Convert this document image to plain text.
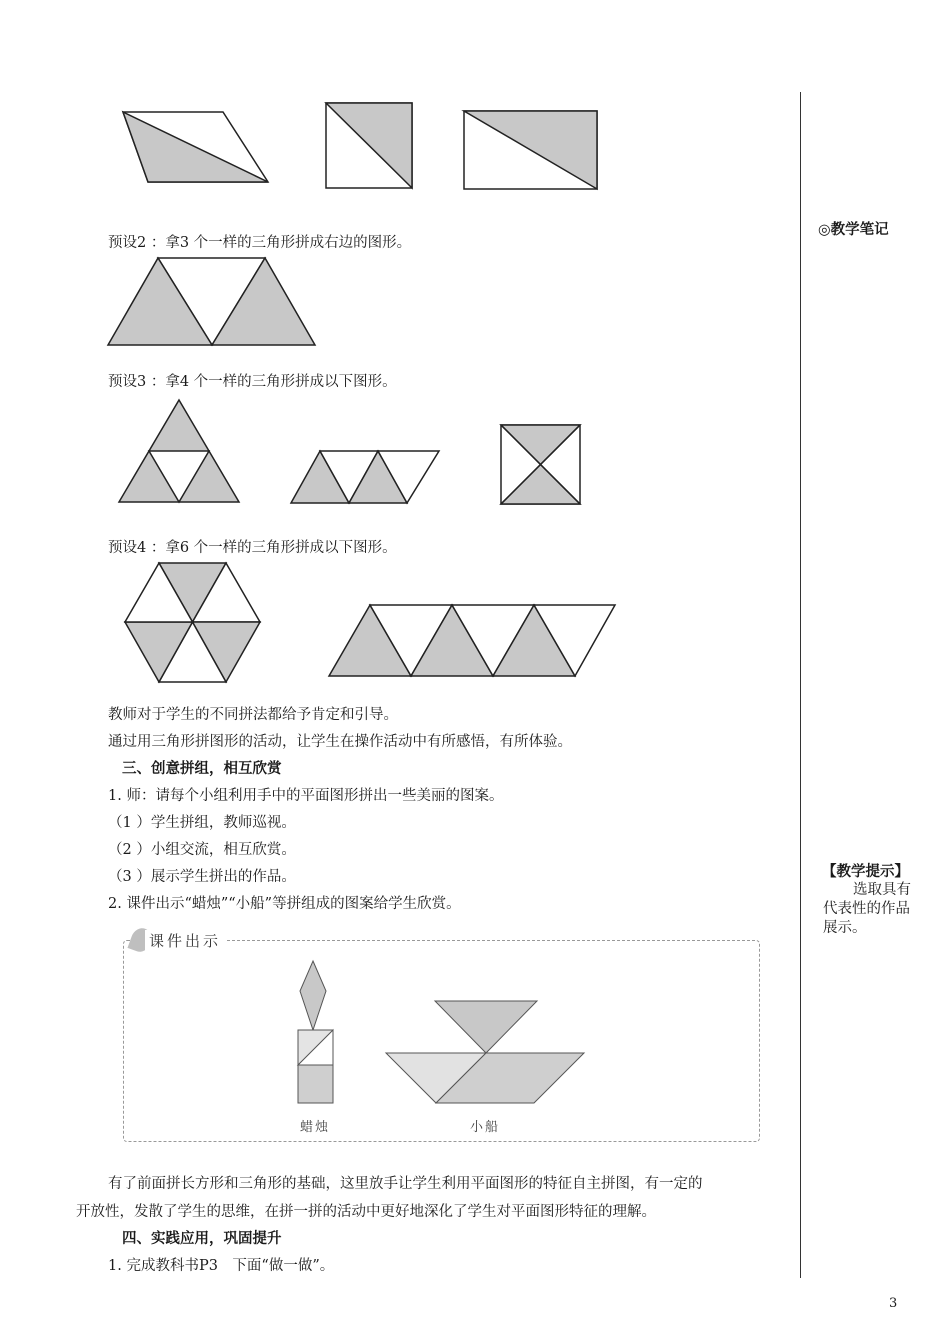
预设2 ：拿3 个一样的三角形拼成右边的图形。
预设3 ：拿4 个一样的三角形拼成以下图形。
预设4 ：拿6 个一样的三角形拼成以下图形。
教师对于学生的不同拼法都给予肯定和引导。
通过用三角形拼图形的活动，让学生在操作活动中有所感悟，有所体验。
三、创意拼组，相互欣赏
1. 师：请每个小组利用手中的平面图形拼出一些美丽的图案。
（1 ）学生拼组，教师巡视。
（2 ）小组交流，相互欣赏。
（3 ）展示学生拼出的作品。
2. 课件出示“蜡烛”“小船”等拼组成的图案给学生欣赏。
课件出示
蜡烛	小船
有了前面拼长方形和三角形的基础，这里放手让学生利用平面图形的特征自主拼图，有一定的
开放性，发散了学生的思维，在拼一拼的活动中更好地深化了学生对平面图形特征的理解。
四、实践应用，巩固提升
1. 完成教科书P3　下面“做一做”。
◎教学笔记
【教学提示】
选取具有
代表性的作品
展示。
3
